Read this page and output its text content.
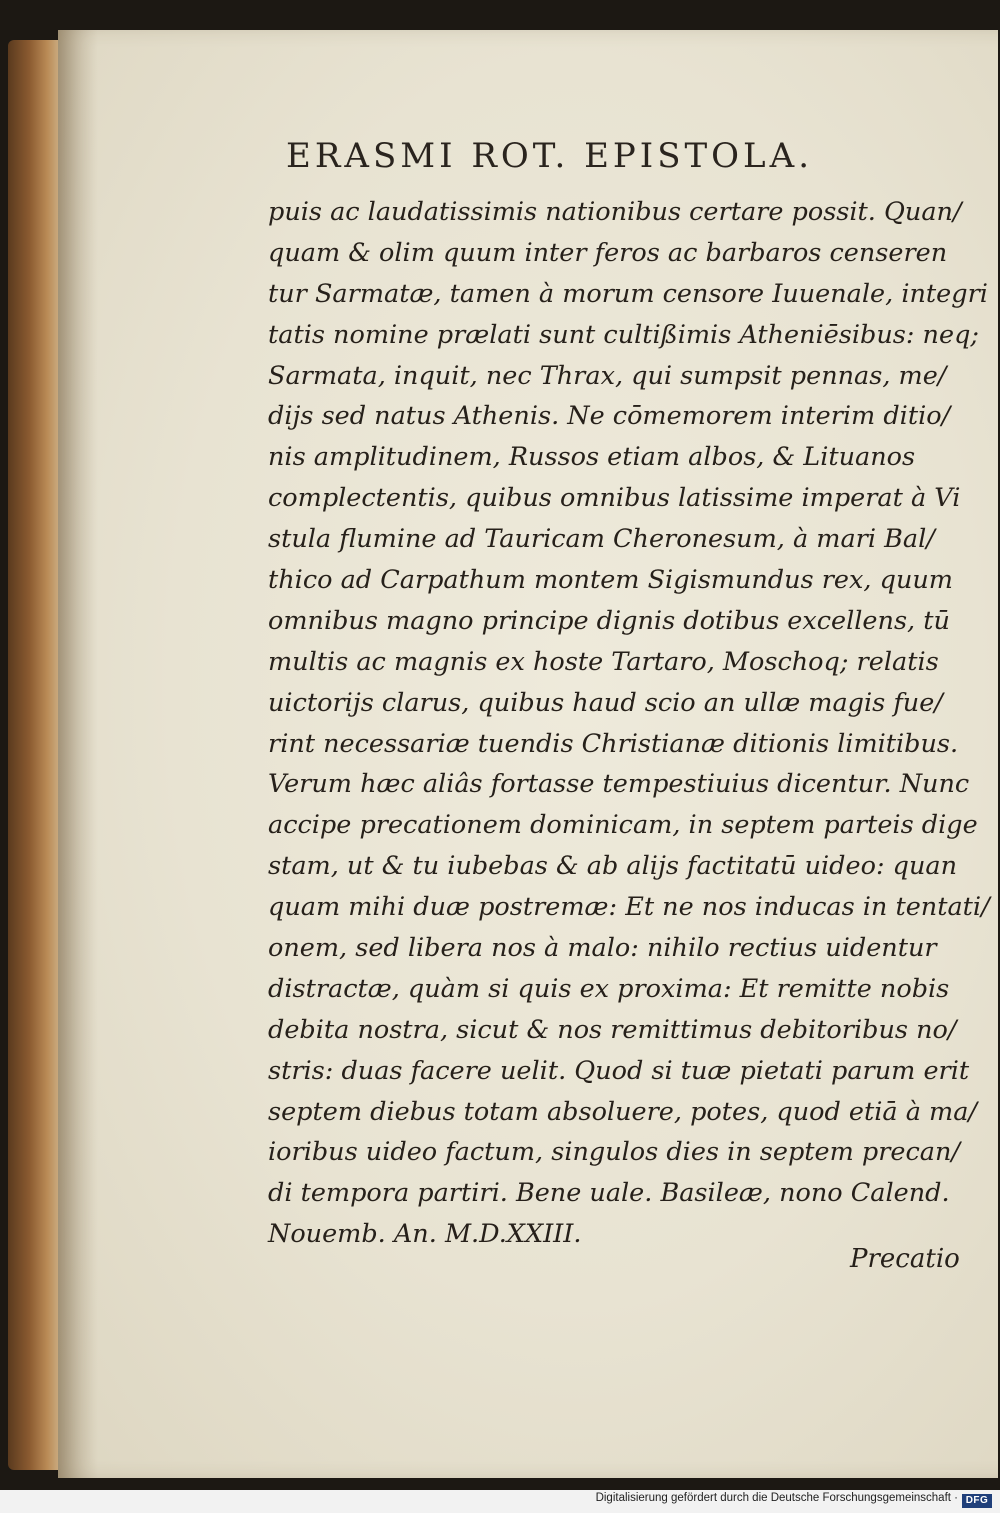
ERASMI ROT. EPISTOLA.
puis ac laudatissimis nationibus certare possit. Quan/
quam & olim quum inter feros ac barbaros censeren
tur Sarmatæ, tamen à morum censore Iuuenale, integri
tatis nomine prælati sunt cultißimis Atheniēsibus: neq;
Sarmata, inquit, nec Thrax, qui sumpsit pennas, me/
dijs sed natus Athenis. Ne cōmemorem interim ditio/
nis amplitudinem, Russos etiam albos, & Lituanos
complectentis, quibus omnibus latissime imperat à Vi
stula flumine ad Tauricam Cheronesum, à mari Bal/
thico ad Carpathum montem Sigismundus rex, quum
omnibus magno principe dignis dotibus excellens, tū
multis ac magnis ex hoste Tartaro, Moschoq; relatis
uictorijs clarus, quibus haud scio an ullæ magis fue/
rint necessariæ tuendis Christianæ ditionis limitibus.
Verum hæc aliâs fortasse tempestiuius dicentur. Nunc
accipe precationem dominicam, in septem parteis dige
stam, ut & tu iubebas & ab alijs factitatū uideo: quan
quam mihi duæ postremæ: Et ne nos inducas in tentati/
onem, sed libera nos à malo: nihilo rectius uidentur
distractæ, quàm si quis ex proxima: Et remitte nobis
debita nostra, sicut & nos remittimus debitoribus no/
stris: duas facere uelit. Quod si tuæ pietati parum erit
septem diebus totam absoluere, potes, quod etiā à ma/
ioribus uideo factum, singulos dies in septem precan/
di tempora partiri. Bene uale. Basileæ, nono Calend.
Nouemb. An. M.D.XXIII.
Precatio
Digitalisierung gefördert durch die Deutsche Forschungsgemeinschaft · DFG
